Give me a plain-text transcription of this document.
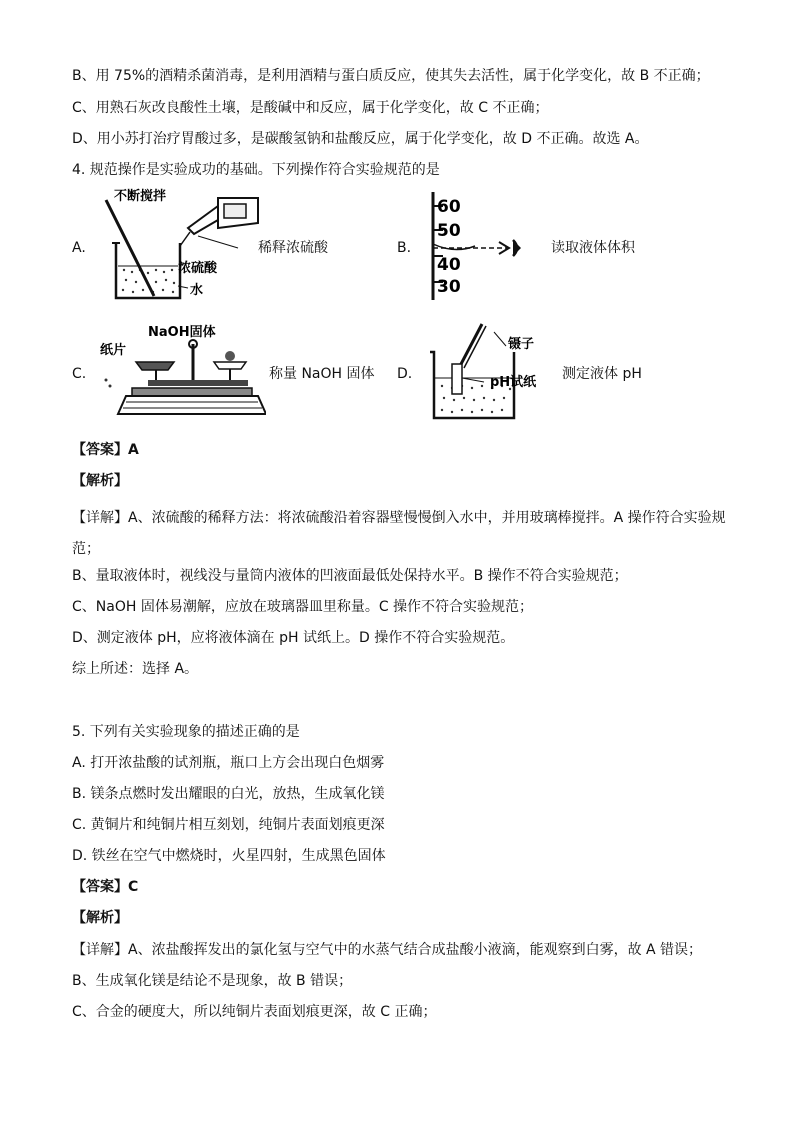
B、用 75%的酒精杀菌消毒，是利用酒精与蛋白质反应，使其失去活性，属于化学变化，故 B 不正确；
C、用熟石灰改良酸性土壤，是酸碱中和反应，属于化学变化，故 C 不正确；
D、用小苏打治疗胃酸过多，是碳酸氢钠和盐酸反应，属于化学变化，故 D 不正确。故选 A。
4. 规范操作是实验成功的基础。下列操作符合实验规范的是
A.
不断搅拌
浓硫酸
水
稀释浓硫酸	B.
60
50
40
30
读取液体体积
C.
NaOH固体
纸片
称量 NaOH 固体 D.
镊子
pH试纸
测定液体 pH
【答案】A
【解析】
【详解】A、浓硫酸的稀释方法：将浓硫酸沿着容器壁慢慢倒入水中，并用玻璃棒搅拌。A 操作符合实验规范；
B、量取液体时，视线没与量筒内液体的凹液面最低处保持水平。B 操作不符合实验规范；
C、NaOH 固体易潮解，应放在玻璃器皿里称量。C 操作不符合实验规范；
D、测定液体 pH，应将液体滴在 pH 试纸上。D 操作不符合实验规范。
综上所述：选择 A。
5. 下列有关实验现象的描述正确的是
A. 打开浓盐酸的试剂瓶，瓶口上方会出现白色烟雾
B. 镁条点燃时发出耀眼的白光，放热，生成氧化镁
C. 黄铜片和纯铜片相互刻划，纯铜片表面划痕更深
D. 铁丝在空气中燃烧时，火星四射，生成黑色固体
【答案】C
【解析】
【详解】A、浓盐酸挥发出的氯化氢与空气中的水蒸气结合成盐酸小液滴，能观察到白雾，故 A 错误；
B、生成氧化镁是结论不是现象，故 B 错误；
C、合金的硬度大，所以纯铜片表面划痕更深，故 C 正确；
